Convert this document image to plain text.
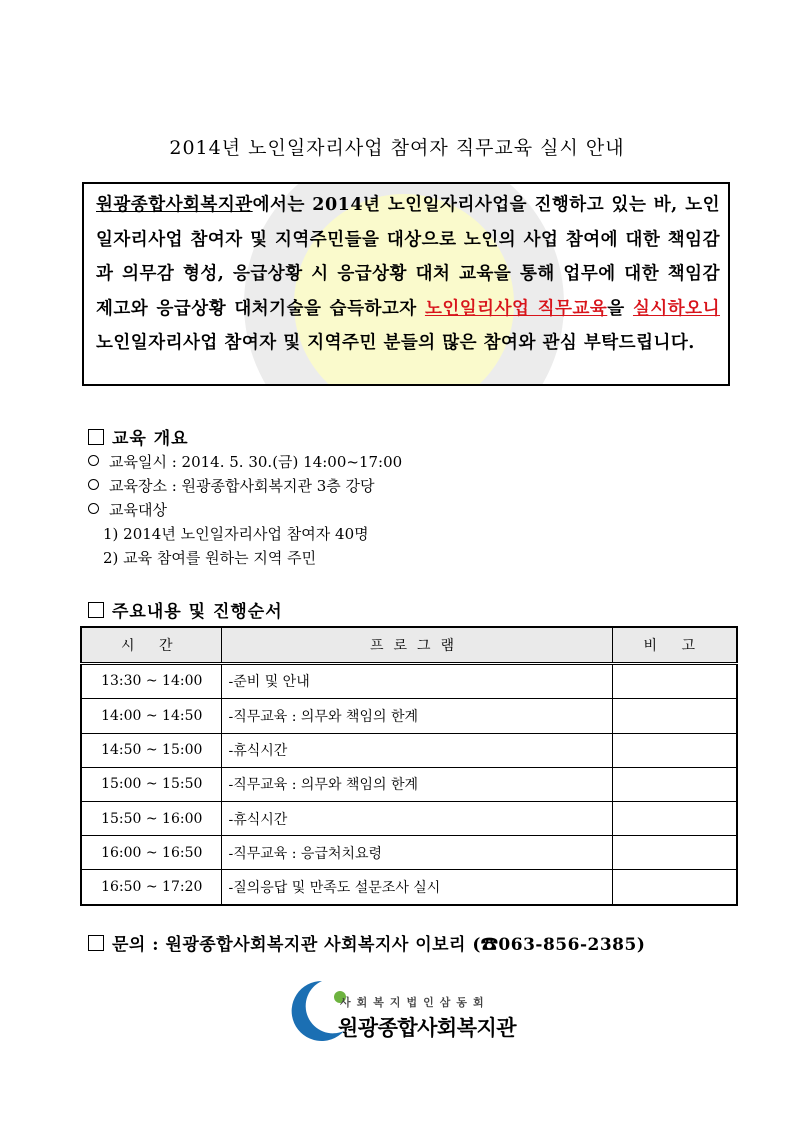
2014년 노인일자리사업 참여자 직무교육 실시 안내
원광종합사회복지관에서는 2014년 노인일자리사업을 진행하고 있는 바, 노인일자리사업 참여자 및 지역주민들을 대상으로 노인의 사업 참여에 대한 책임감과 의무감 형성, 응급상황 시 응급상황 대처 교육을 통해 업무에 대한 책임감 제고와 응급상황 대처기술을 습득하고자 노인일리사업 직무교육을 실시하오니 노인일자리사업 참여자 및 지역주민 분들의 많은 참여와 관심 부탁드립니다.
교육 개요
교육일시 : 2014. 5. 30.(금) 14:00~17:00
교육장소 : 원광종합사회복지관 3층 강당
교육대상
1) 2014년 노인일자리사업 참여자 40명
2) 교육 참여를 원하는 지역 주민
주요내용 및 진행순서
시 간	프로그램	비 고
13:30 ~ 14:00	-준비 및 안내	
14:00 ~ 14:50	-직무교육 : 의무와 책임의 한계	
14:50 ~ 15:00	-휴식시간	
15:00 ~ 15:50	-직무교육 : 의무와 책임의 한계	
15:50 ~ 16:00	-휴식시간	
16:00 ~ 16:50	-직무교육 : 응급처치요령	
16:50 ~ 17:20	-질의응답 및 만족도 설문조사 실시	
문의 : 원광종합사회복지관 사회복지사 이보리 (☎063-856-2385)
사회복지법인삼동회
원광종합사회복지관
